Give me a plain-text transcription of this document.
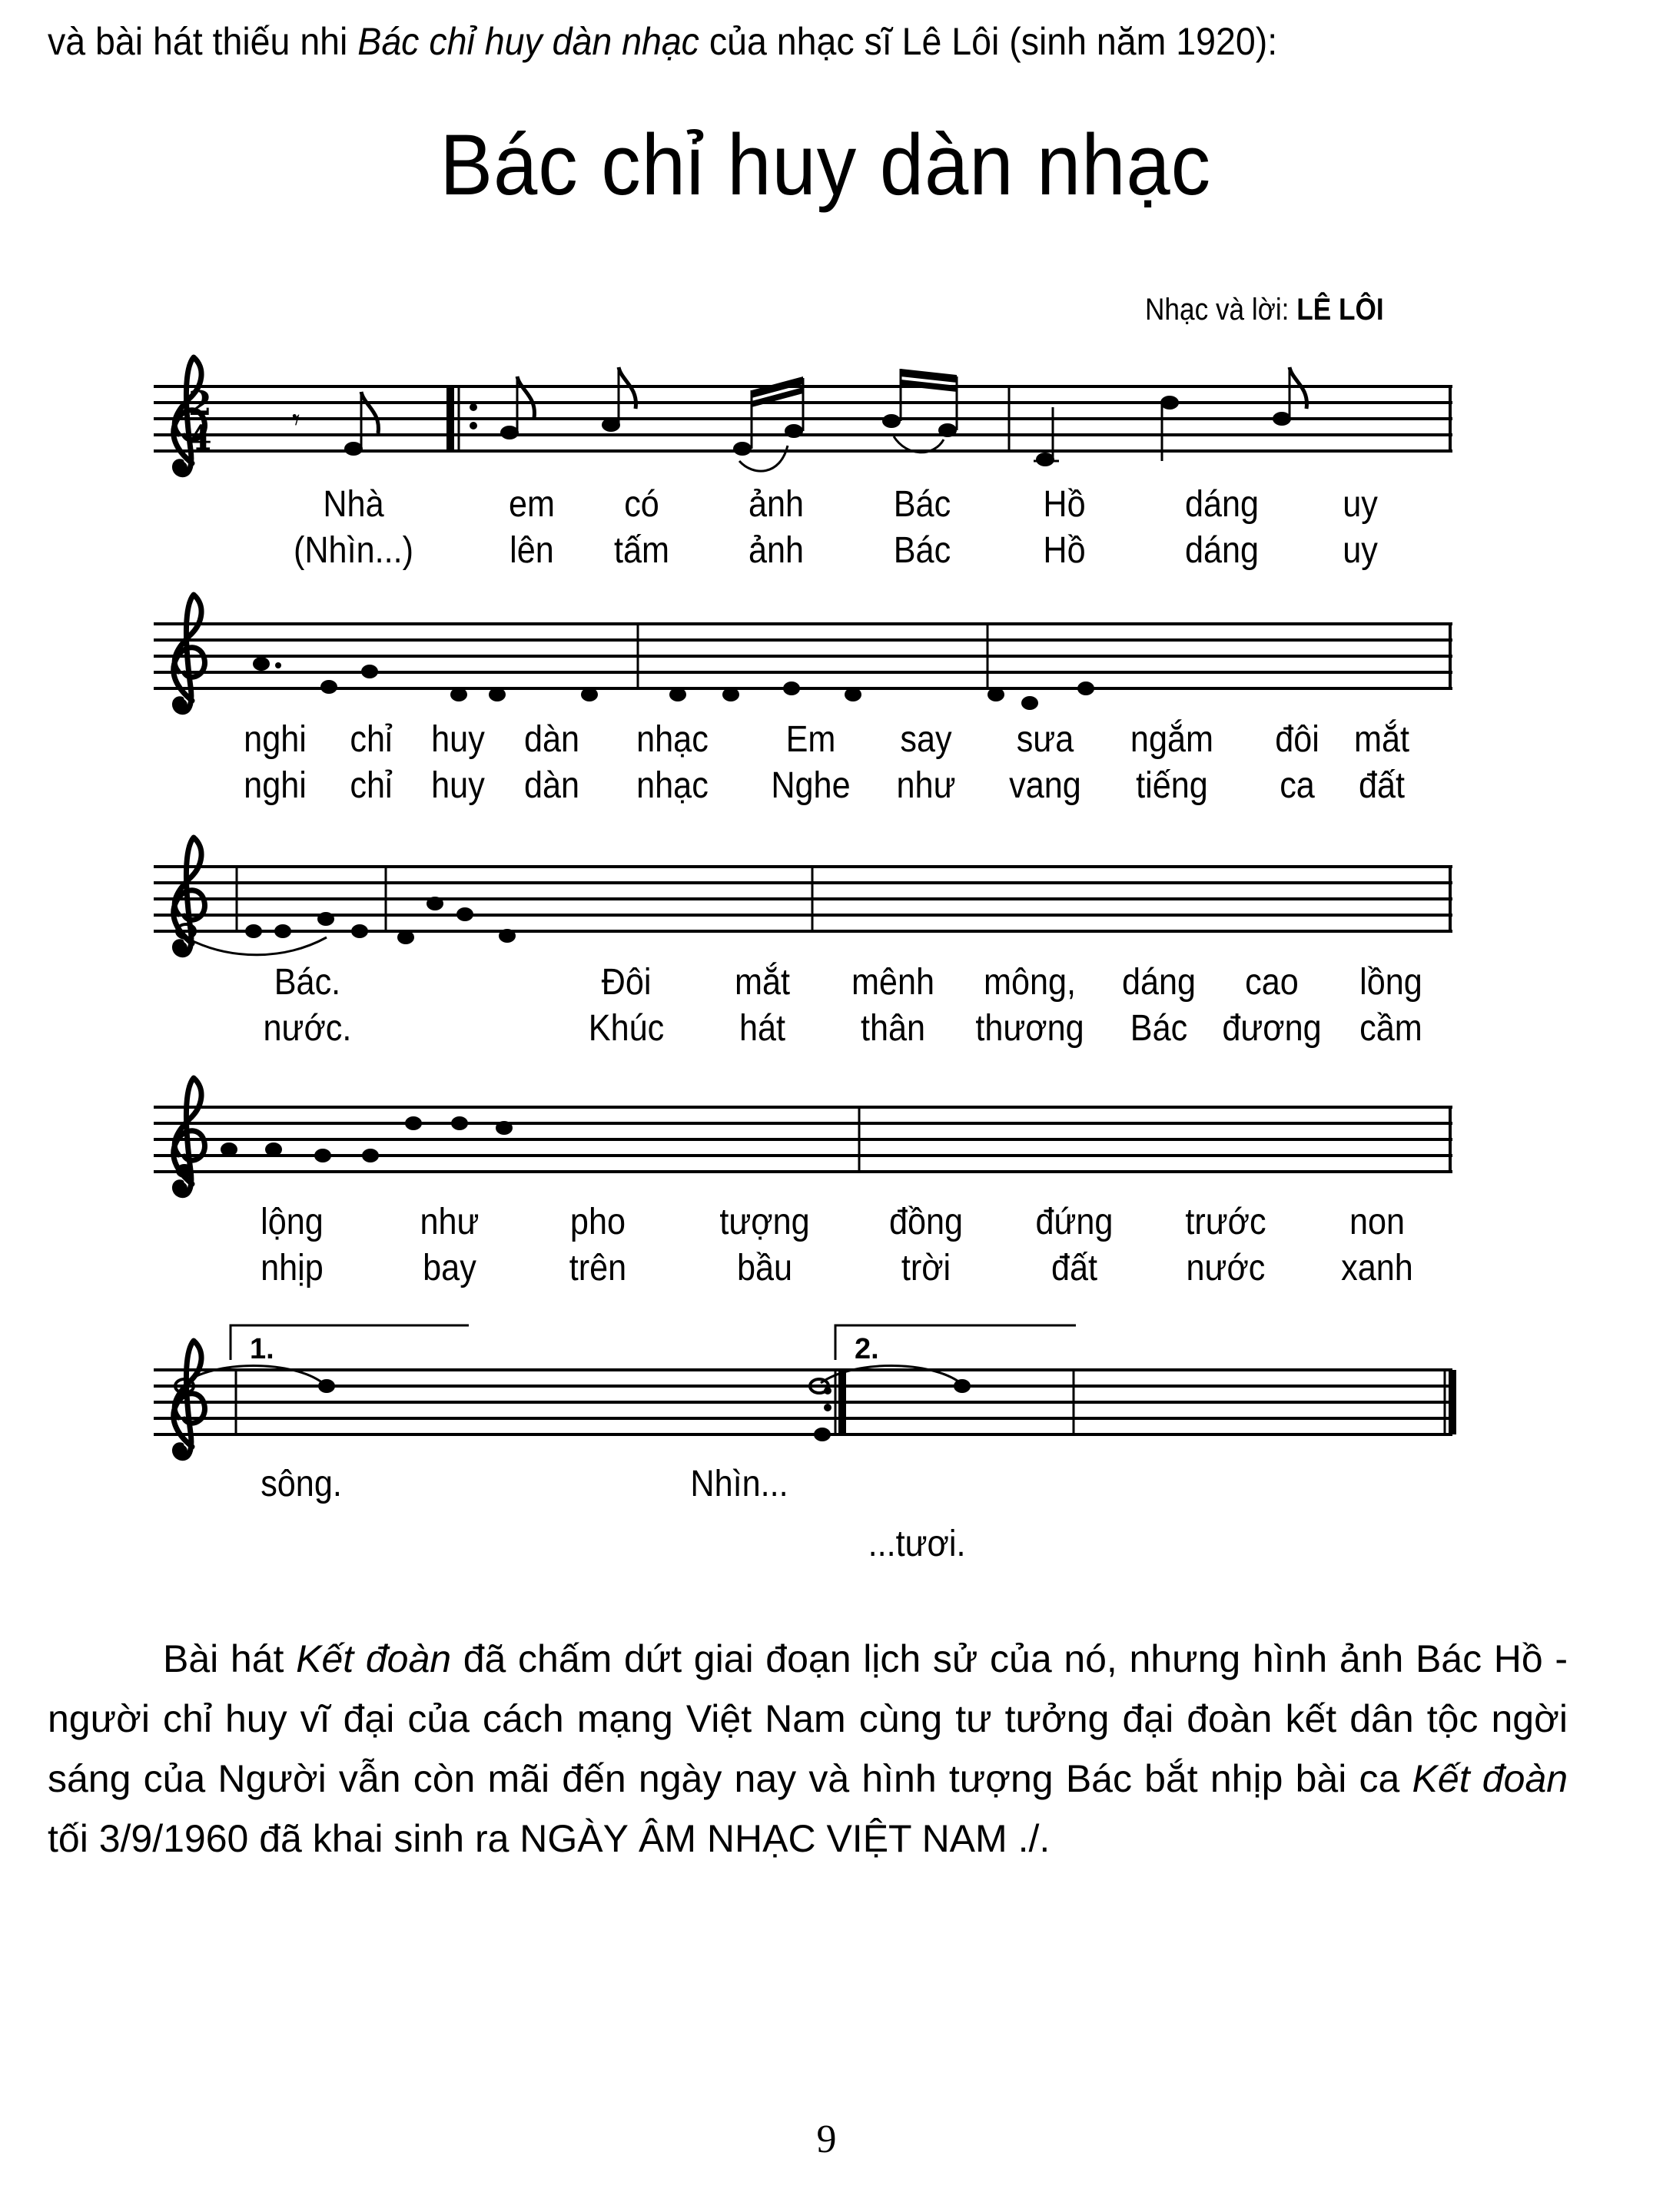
và bài hát thiếu nhi Bác chỉ huy dàn nhạc của nhạc sĩ Lê Lôi (sinh năm 1920):
Bác chỉ huy dàn nhạc
Nhạc và lời: LÊ LÔI
2
4	𝄾
1.	2.
Nhà	em có ảnh Bác	Hồ	dáng uy
(Nhìn...)	lên tấm ảnh Bác	Hồ	dáng uy
nghi chỉ huy dàn nhạc Em say sưa ngắm đôi mắt
nghi chỉ huy dàn nhạc Nghe như vang tiếng ca đất
Bác.	Đôi mắt mênh mông, dáng cao lồng
nước.	Khúc hát thân thương Bác đương cầm
lộng	như pho	tượng đồng đứng trước non
nhịp	bay	trên	bầu	trời	đất nước xanh
sông.	Nhìn...
...tươi.
Bài hát Kết đoàn đã chấm dứt giai đoạn lịch sử của nó, nhưng hình ảnh Bác Hồ - người chỉ huy vĩ đại của cách mạng Việt Nam cùng tư tưởng đại đoàn kết dân tộc ngời sáng của Người vẫn còn mãi đến ngày nay và hình tượng Bác bắt nhịp bài ca Kết đoàn tối 3/9/1960 đã khai sinh ra NGÀY ÂM NHẠC VIỆT NAM ./.
9
